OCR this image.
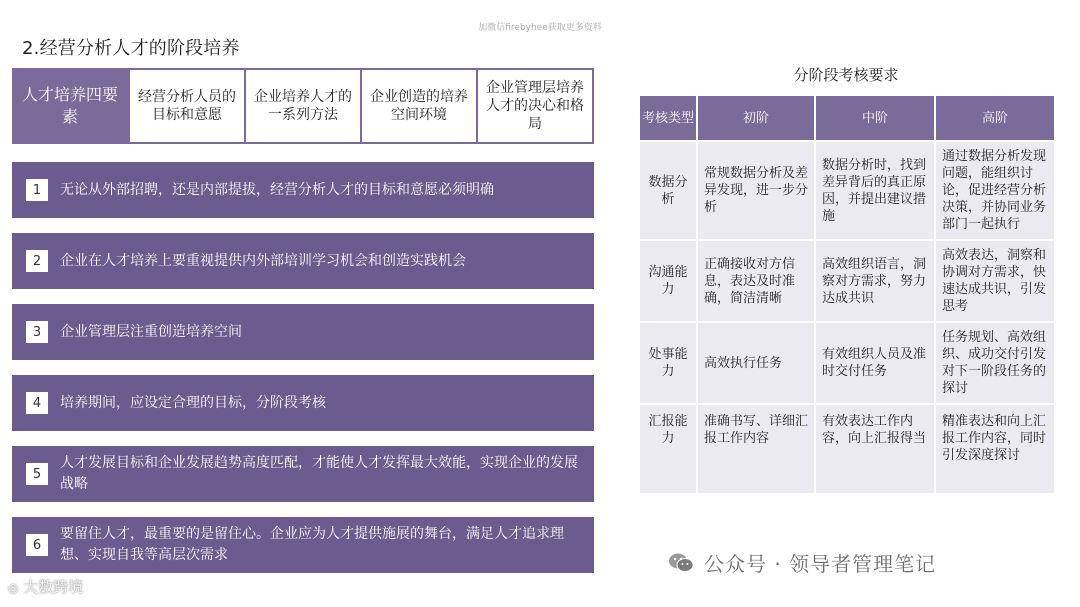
加微信firebyhee获取更多资料
2.经营分析人才的阶段培养
人才培养四要素
经营分析人员的目标和意愿
企业培养人才的一系列方法
企业创造的培养空间环境
企业管理层培养人才的决心和格局
1	无论从外部招聘，还是内部提拔，经营分析人才的目标和意愿必须明确
2	企业在人才培养上要重视提供内外部培训学习机会和创造实践机会
3	企业管理层注重创造培养空间
4	培养期间，应设定合理的目标，分阶段考核
5
人才发展目标和企业发展趋势高度匹配，才能使人才发挥最大效能，实现企业的发展战略
6
要留住人才，最重要的是留住心。企业应为人才提供施展的舞台，满足人才追求理想、实现自我等高层次需求
分阶段考核要求
考核类型	初阶	中阶	高阶
数据分析	常规数据分析及差异发现，进一步分析	数据分析时，找到差异背后的真正原因，并提出建议措施	通过数据分析发现问题，能组织讨论，促进经营分析决策，并协同业务部门一起执行
沟通能力	正确接收对方信息，表达及时准确，简洁清晰	高效组织语言，洞察对方需求，努力达成共识	高效表达，洞察和协调对方需求，快速达成共识，引发思考
处事能力	高效执行任务	有效组织人员及准时交付任务	任务规划、高效组织、成功交付引发对下一阶段任务的探讨

汇报能力	准确书写、详细汇报工作内容	有效表达工作内容，向上汇报得当	精准表达和向上汇报工作内容，同时引发深度探讨
公众号 · 领导者管理笔记
◎ 大数跨境
